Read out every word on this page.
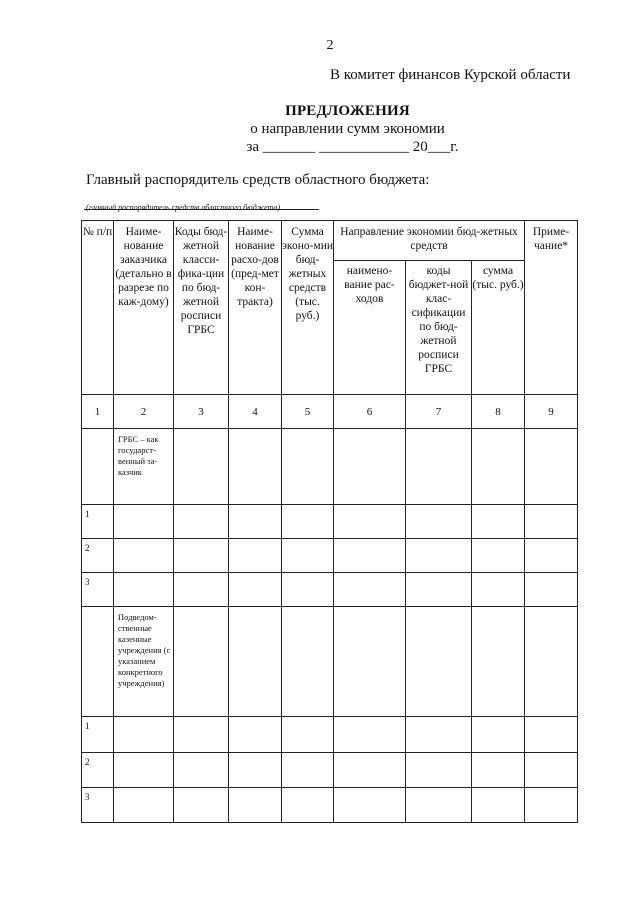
2
В комитет финансов Курской области
ПРЕДЛОЖЕНИЯ
о направлении сумм экономии
за _______ ____________ 20___г.
Главный распорядитель средств областного бюджета:
(главный распорядитель средств областного бюджета)
№ п/п	Наиме-нование заказчика (детально в разрезе по каж-дому)	Коды бюд-жетной класси-фика-ции по бюд-жетной росписи ГРБС	Наиме-нование расхо-дов (пред-мет кон-тракта)	Сумма эконо-мии бюд-жетных средств (тыс. руб.)	Направление экономии бюд-жетных средств			Приме-чание*
					наимено-вание рас-ходов	коды бюджет-ной клас-сификации по бюд-жетной росписи ГРБС	сумма (тыс. руб.)	
1	2	3	4	5	6	7	8	9
	ГРБС – как государст-венный за-казчик							
1								
2								
3								
	Подведом-ственные казенные учреждения (с указанием конкретного учреждения)							
1								
2								
3								
